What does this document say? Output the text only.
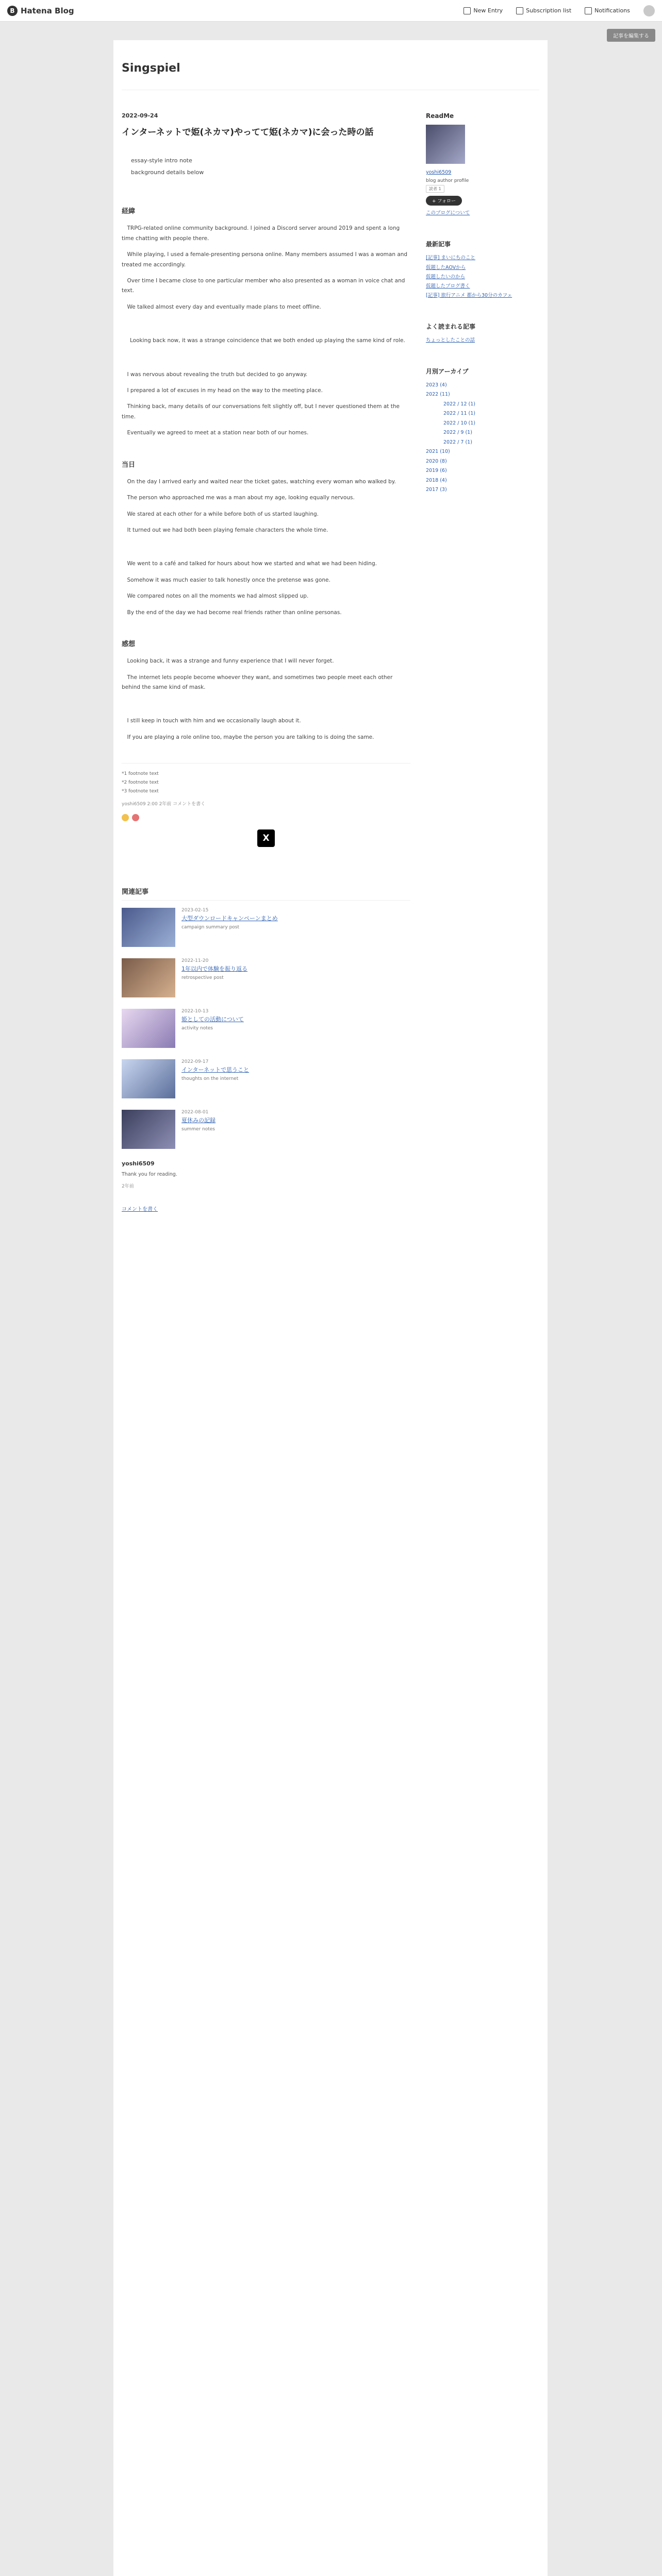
B Hatena Blog	New Entry	Subscription list	Notifications
記事を編集する
Singspiel
2022-09-24
インターネットで姫(ネカマ)やってて姫(ネカマ)に会った時の話

essay-style intro note

background details below

経緯

TRPG-related online community background. I joined a Discord server around 2019 and spent a long time chatting with people there.

While playing, I used a female-presenting persona online. Many members assumed I was a woman and treated me accordingly.

Over time I became close to one particular member who also presented as a woman in voice chat and text.

We talked almost every day and eventually made plans to meet offline.

Looking back now, it was a strange coincidence that we both ended up playing the same kind of role.

I was nervous about revealing the truth but decided to go anyway.

I prepared a lot of excuses in my head on the way to the meeting place.

Thinking back, many details of our conversations felt slightly off, but I never questioned them at the time.

Eventually we agreed to meet at a station near both of our homes.

当日

On the day I arrived early and waited near the ticket gates, watching every woman who walked by.

The person who approached me was a man about my age, looking equally nervous.

We stared at each other for a while before both of us started laughing.

It turned out we had both been playing female characters the whole time.

We went to a café and talked for hours about how we started and what we had been hiding.

Somehow it was much easier to talk honestly once the pretense was gone.

We compared notes on all the moments we had almost slipped up.

By the end of the day we had become real friends rather than online personas.

感想

Looking back, it was a strange and funny experience that I will never forget.

The internet lets people become whoever they want, and sometimes two people meet each other behind the same kind of mask.

I still keep in touch with him and we occasionally laugh about it.

If you are playing a role online too, maybe the person you are talking to is doing the same.

*1 footnote text
*2 footnote text
*3 footnote text
yoshi6509 2:00 2年前 コメントを書く
X
関連記事
2023-02-15
大型ダウンロードキャンペーンまとめ
campaign summary post
2022-11-20
1年以内で体験を振り返る
retrospective post
2022-10-13
姫としての活動について
activity notes
2022-09-17
インターネットで思うこと
thoughts on the internet
2022-08-01
夏休みの記録
summer notes
yoshi6509
Thank you for reading.
2年前
コメントを書く
ReadMe
yoshi6509
blog author profile
読者 1
+ フォロー
このブログについて
最新記事
[記事] まいにちのこと
仮題したAOVから
仮題したいのから
仮題したブログ書く
[記事] 旅行アニメ 都から30分のカフェ
よく読まれる記事
ちょっとしたことの話
月別アーカイブ
2023 (4)
2022 (11)
2022 / 12 (1)
2022 / 11 (1)
2022 / 10 (1)
2022 / 9 (1)
2022 / 7 (1)
2021 (10)
2020 (8)
2019 (6)
2018 (4)
2017 (3)
